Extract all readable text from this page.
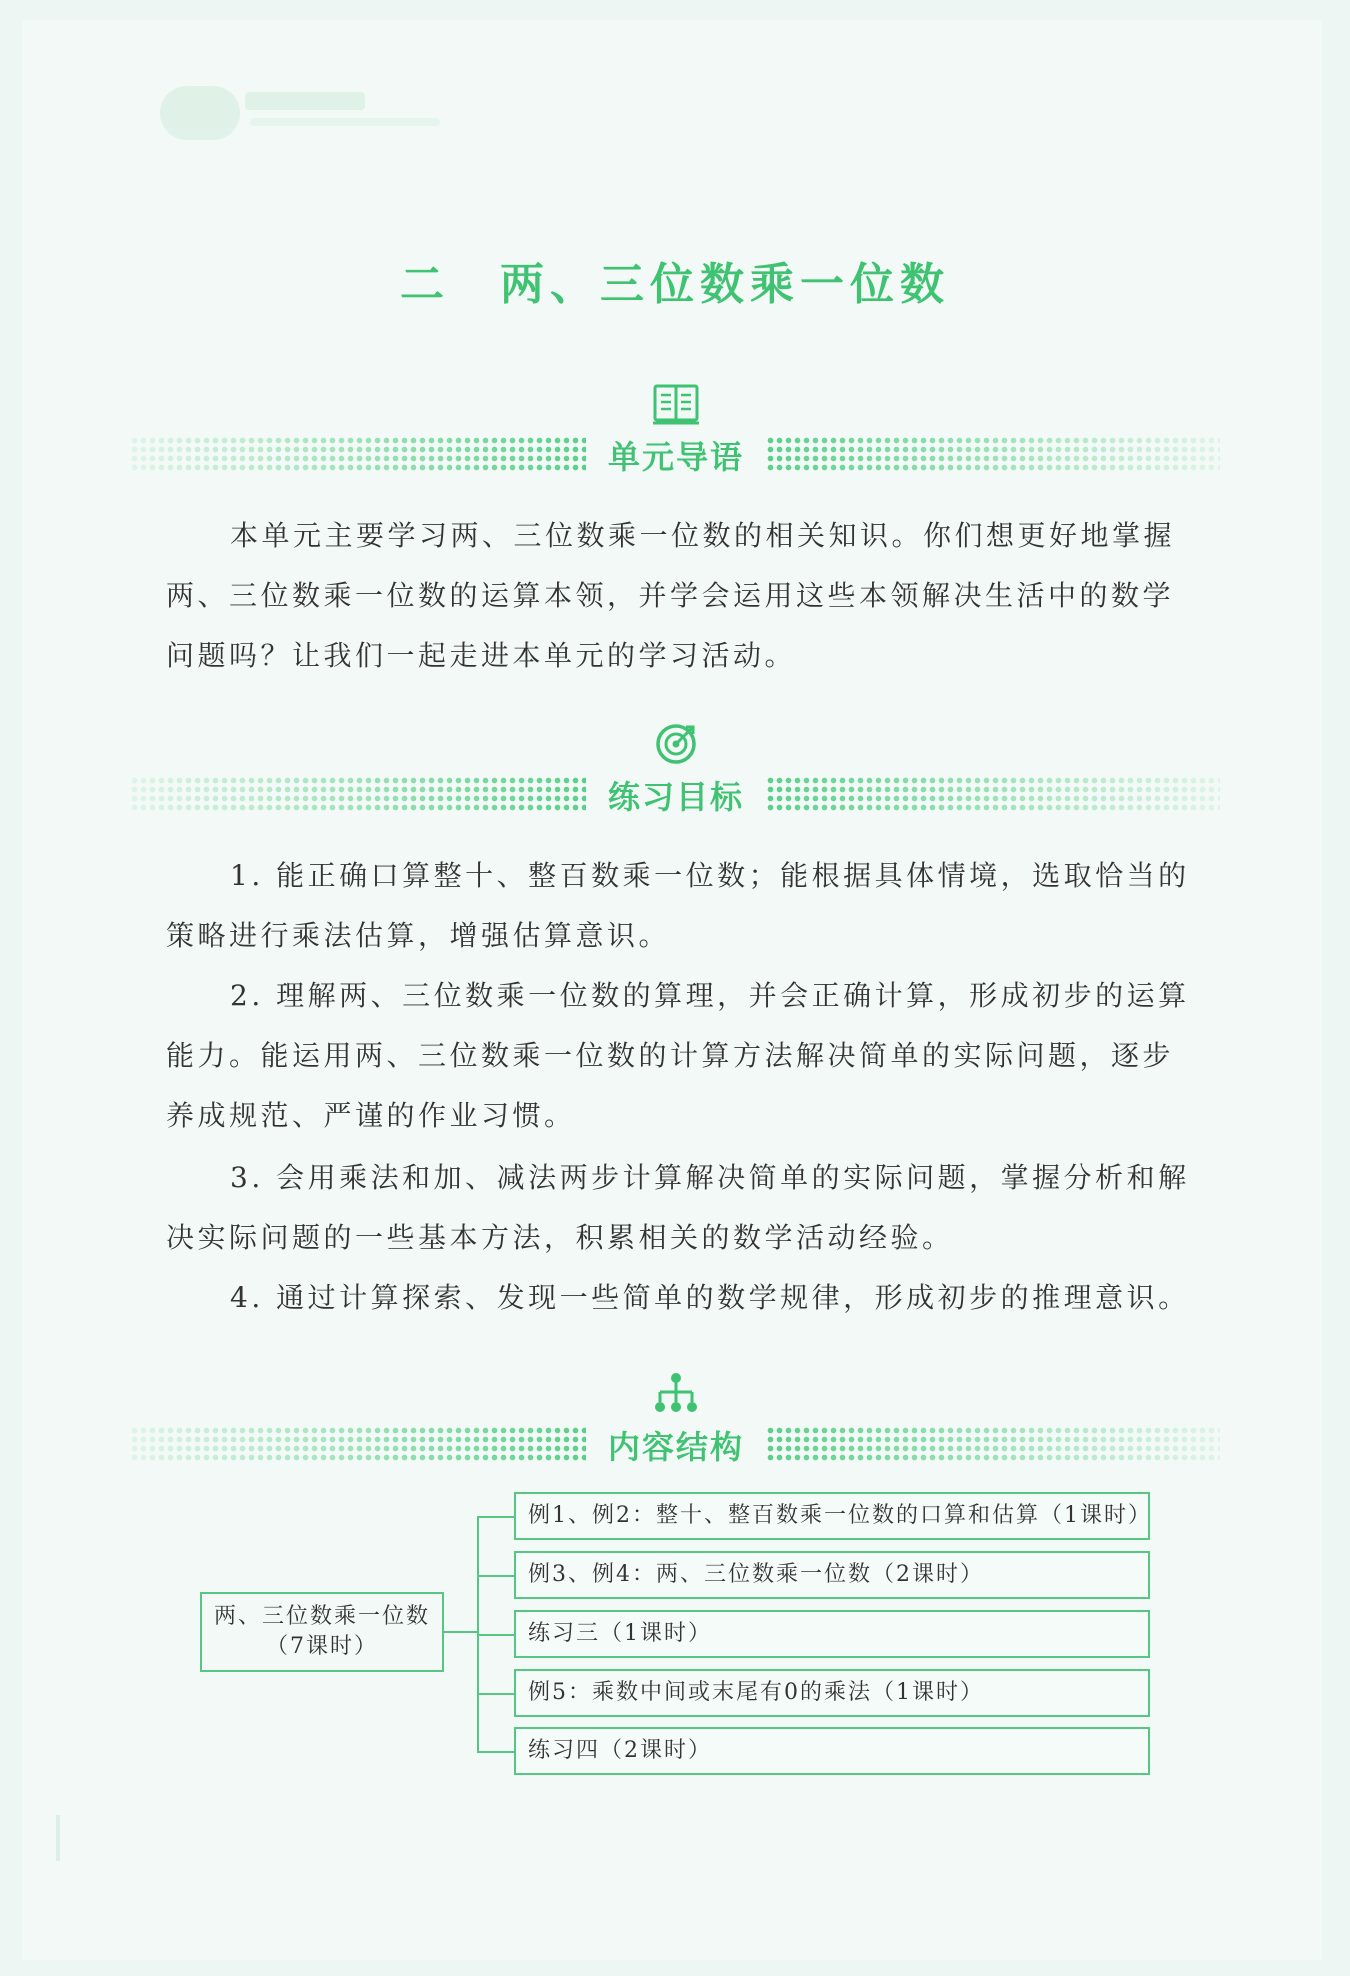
二　两、三位数乘一位数
单元导语

本单元主要学习两、三位数乘一位数的相关知识。你们想更好地掌握两、三位数乘一位数的运算本领，并学会运用这些本领解决生活中的数学问题吗？让我们一起走进本单元的学习活动。

练习目标

1. 能正确口算整十、整百数乘一位数；能根据具体情境，选取恰当的策略进行乘法估算，增强估算意识。

2. 理解两、三位数乘一位数的算理，并会正确计算，形成初步的运算能力。能运用两、三位数乘一位数的计算方法解决简单的实际问题，逐步养成规范、严谨的作业习惯。

3. 会用乘法和加、减法两步计算解决简单的实际问题，掌握分析和解决实际问题的一些基本方法，积累相关的数学活动经验。

4. 通过计算探索、发现一些简单的数学规律，形成初步的推理意识。

内容结构
两、三位数乘一位数
（7课时）
例1、例2：整十、整百数乘一位数的口算和估算（1课时）
例3、例4：两、三位数乘一位数（2课时）
练习三（1课时）
例5：乘数中间或末尾有0的乘法（1课时）
练习四（2课时）
